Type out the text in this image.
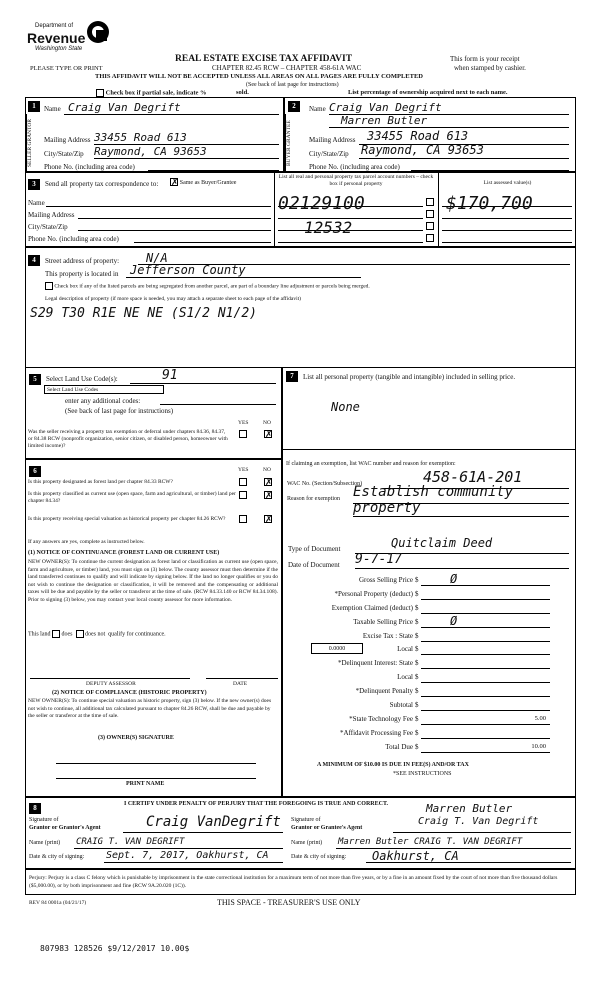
Department of
Revenue
Washington State
REAL ESTATE EXCISE TAX AFFIDAVIT
CHAPTER 82.45 RCW – CHAPTER 458-61A WAC
This form is your receipt
when stamped by cashier.
PLEASE TYPE OR PRINT
THIS AFFIDAVIT WILL NOT BE ACCEPTED UNLESS ALL AREAS ON ALL PAGES ARE FULLY COMPLETED
(See back of last page for instructions)
Check box if partial sale, indicate %	sold.	List percentage of ownership acquired next to each name.
1
SELLER GRANTOR
Name Craig Van Degrift
Mailing Address 33455 Road 613
City/State/Zip Raymond, CA 93653
Phone No. (including area code)
2
BUYER GRANTEE
Name Craig Van Degrift
Marren Butler
Mailing Address 33455 Road 613
City/State/Zip Raymond, CA 93653
Phone No. (including area code)
3	Send all property tax correspondence to:
✗	Same as Buyer/Grantee
List all real and personal property tax parcel account numbers – check box if personal property	List assessed value(s)
Name
Mailing Address
City/State/Zip
Phone No. (including area code)
02129100
12532
$170,700
4	Street address of property: N/A
This property is located in Jefferson County
Check box if any of the listed parcels are being segregated from another parcel, are part of a boundary line adjustment or parcels being merged.
Legal description of property (if more space is needed, you may attach a separate sheet to each page of the affidavit)
S29 T30 R1E NE NE (S1/2 N1/2)
5	Select Land Use Code(s):	91
Select Land Use Codes
enter any additional codes:
(See back of last page for instructions)
YES	NO
Was the seller receiving a property tax exemption or deferral under chapters 84.36, 84.37, or 84.38 RCW (nonprofit organization, senior citizen, or disabled person, homeowner with limited income)?
✗
6	YES	NO
Is this property designated as forest land per chapter 84.33 RCW?
✗
Is this property classified as current use (open space, farm and agricultural, or timber) land per chapter 84.34?
✗
Is this property receiving special valuation as historical property per chapter 84.26 RCW?
✗
If any answers are yes, complete as instructed below.
(1) NOTICE OF CONTINUANCE (FOREST LAND OR CURRENT USE)
NEW OWNER(S): To continue the current designation as forest land or classification as current use (open space, farm and agriculture, or timber) land, you must sign on (3) below. The county assessor must then determine if the land transferred continues to qualify and will indicate by signing below. If the land no longer qualifies or you do not wish to continue the designation or classification, it will be removed and the compensating or additional taxes will be due and payable by the seller or transferor at the time of sale. (RCW 84.33.140 or RCW 84.34.108). Prior to signing (3) below, you may contact your local county assessor for more information.
This land does does not qualify for continuance.
DEPUTY ASSESSOR	DATE
(2) NOTICE OF COMPLIANCE (HISTORIC PROPERTY)
NEW OWNER(S): To continue special valuation as historic property, sign (3) below. If the new owner(s) does not wish to continue, all additional tax calculated pursuant to chapter 84.26 RCW, shall be due and payable by the seller or transferor at the time of sale.
(3) OWNER(S) SIGNATURE
PRINT NAME
7	List all personal property (tangible and intangible) included in selling price.
None
If claiming an exemption, list WAC number and reason for exemption:
WAC No. (Section/Subsection)	458-61A-201
Reason for exemption Establish community property
Type of Document	Quitclaim Deed
Date of Document 9-7-17
A MINIMUM OF $10.00 IS DUE IN FEE(S) AND/OR TAX
*SEE INSTRUCTIONS
Gross Selling Price $	Ø
*Personal Property (deduct) $
Exemption Claimed (deduct) $
Taxable Selling Price $	Ø
Excise Tax : State $
0.0000	Local $
*Delinquent Interest: State $
Local $
*Delinquent Penalty $
Subtotal $
*State Technology Fee $	5.00
*Affidavit Processing Fee $
Total Due $	10.00
8	I CERTIFY UNDER PENALTY OF PERJURY THAT THE FOREGOING IS TRUE AND CORRECT.
Signature of
Grantor or Grantor's Agent	Craig VanDegrift
Name (print) CRAIG T. VAN DEGRIFT
Date & city of signing: Sept. 7, 2017, Oakhurst, CA
Signature of
Grantor or Grantee's Agent
Marren Butler
Craig T. Van Degrift
Name (print) Marren Butler CRAIG T. VAN DEGRIFT
Date & city of signing: Oakhurst, CA
Perjury: Perjury is a class C felony which is punishable by imprisonment in the state correctional institution for a maximum term of not more than five years, or by a fine in an amount fixed by the court of not more than five thousand dollars ($5,000.00), or by both imprisonment and fine (RCW 9A.20.020 (1C)).
REV 84 0001a (04/21/17)	THIS SPACE - TREASURER'S USE ONLY
807983 128526 $9/12/2017 10.00$
